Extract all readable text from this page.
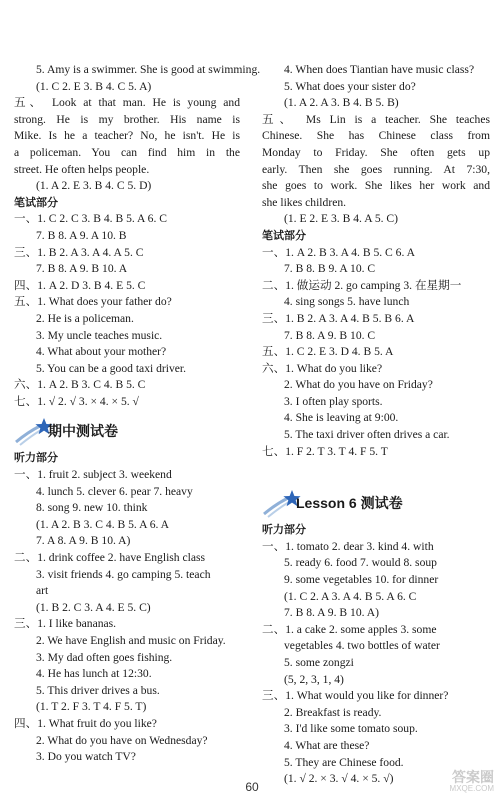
5. Amy is a swimmer. She is good at swimming.
(1. C 2. E 3. B 4. C 5. A)
五、 Look at that man. He is young and
strong. He is my brother. His name is
Mike. Is he a teacher? No, he isn't. He is
a policeman. You can find him in the
street. He often helps people.
(1. A 2. E 3. B 4. C 5. D)
笔试部分
一、1. C 2. C 3. B 4. B 5. A 6. C
7. B 8. A 9. A 10. B
三、1. B 2. A 3. A 4. A 5. C
7. B 8. A 9. B 10. A
四、1. A 2. D 3. B 4. E 5. C
五、1. What does your father do?
2. He is a policeman.
3. My uncle teaches music.
4. What about your mother?
5. You can be a good taxi driver.
六、1. A 2. B 3. C 4. B 5. C
七、1. √ 2. √ 3. × 4. × 5. √
期中测试卷
听力部分
一、1. fruit 2. subject 3. weekend
4. lunch 5. clever 6. pear 7. heavy
8. song 9. new 10. think
(1. A 2. B 3. C 4. B 5. A 6. A
7. A 8. A 9. B 10. A)
二、1. drink coffee 2. have English class
3. visit friends 4. go camping 5. teach
art
(1. B 2. C 3. A 4. E 5. C)
三、1. I like bananas.
2. We have English and music on Friday.
3. My dad often goes fishing.
4. He has lunch at 12:30.
5. This driver drives a bus.
(1. T 2. F 3. T 4. F 5. T)
四、1. What fruit do you like?
2. What do you have on Wednesday?
3. Do you watch TV?
4. When does Tiantian have music class?
5. What does your sister do?
(1. A 2. A 3. B 4. B 5. B)
五、 Ms Lin is a teacher. She teaches
Chinese. She has Chinese class from
Monday to Friday. She often gets up
early. Then she goes running. At 7:30,
she goes to work. She likes her work and
she likes children.
(1. E 2. E 3. B 4. A 5. C)
笔试部分
一、1. A 2. B 3. A 4. B 5. C 6. A
7. B 8. B 9. A 10. C
二、1. 做运动 2. go camping 3. 在星期一
4. sing songs 5. have lunch
三、1. B 2. A 3. A 4. B 5. B 6. A
7. B 8. A 9. B 10. C
五、1. C 2. E 3. D 4. B 5. A
六、1. What do you like?
2. What do you have on Friday?
3. I often play sports.
4. She is leaving at 9:00.
5. The taxi driver often drives a car.
七、1. F 2. T 3. T 4. F 5. T
Lesson 6 测试卷
听力部分
一、1. tomato 2. dear 3. kind 4. with
5. ready 6. food 7. would 8. soup
9. some vegetables 10. for dinner
(1. C 2. A 3. A 4. B 5. A 6. C
7. B 8. A 9. B 10. A)
二、1. a cake 2. some apples 3. some
vegetables 4. two bottles of water
5. some zongzi
(5, 2, 3, 1, 4)
三、1. What would you like for dinner?
2. Breakfast is ready.
3. I'd like some tomato soup.
4. What are these?
5. They are Chinese food.
(1. √ 2. × 3. √ 4. × 5. √)
60
答案圈
MXQE.COM
